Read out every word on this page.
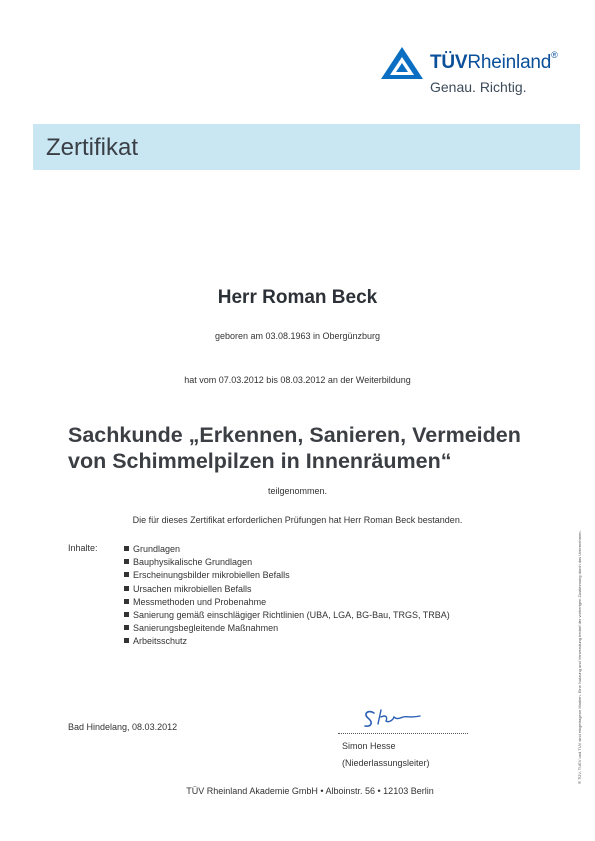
TÜVRheinland®
Genau. Richtig.
Zertifikat
Herr Roman Beck
geboren am 03.08.1963 in Obergünzburg
hat vom 07.03.2012 bis 08.03.2012 an der Weiterbildung
Sachkunde „Erkennen, Sanieren, Vermeiden
von Schimmelpilzen in Innenräumen“
teilgenommen.
Die für dieses Zertifikat erforderlichen Prüfungen hat Herr Roman Beck bestanden.
Inhalte:	Grundlagen
Bauphysikalische Grundlagen
Erscheinungsbilder mikrobiellen Befalls
Ursachen mikrobiellen Befalls
Messmethoden und Probenahme
Sanierung gemäß einschlägiger Richtlinien (UBA, LGA, BG-Bau, TRGS, TRBA)
Sanierungsbegleitende Maßnahmen
Arbeitsschutz
Bad Hindelang, 08.03.2012
Simon Hesse
(Niederlassungsleiter)
TÜV Rheinland Akademie GmbH • Alboinstr. 56 • 12103 Berlin
® TÜV, TUEV und TUV sind eingetragene Marken. Eine Nutzung und Verwendung bedarf der vorherigen Zustimmung durch das Unternehmen.
